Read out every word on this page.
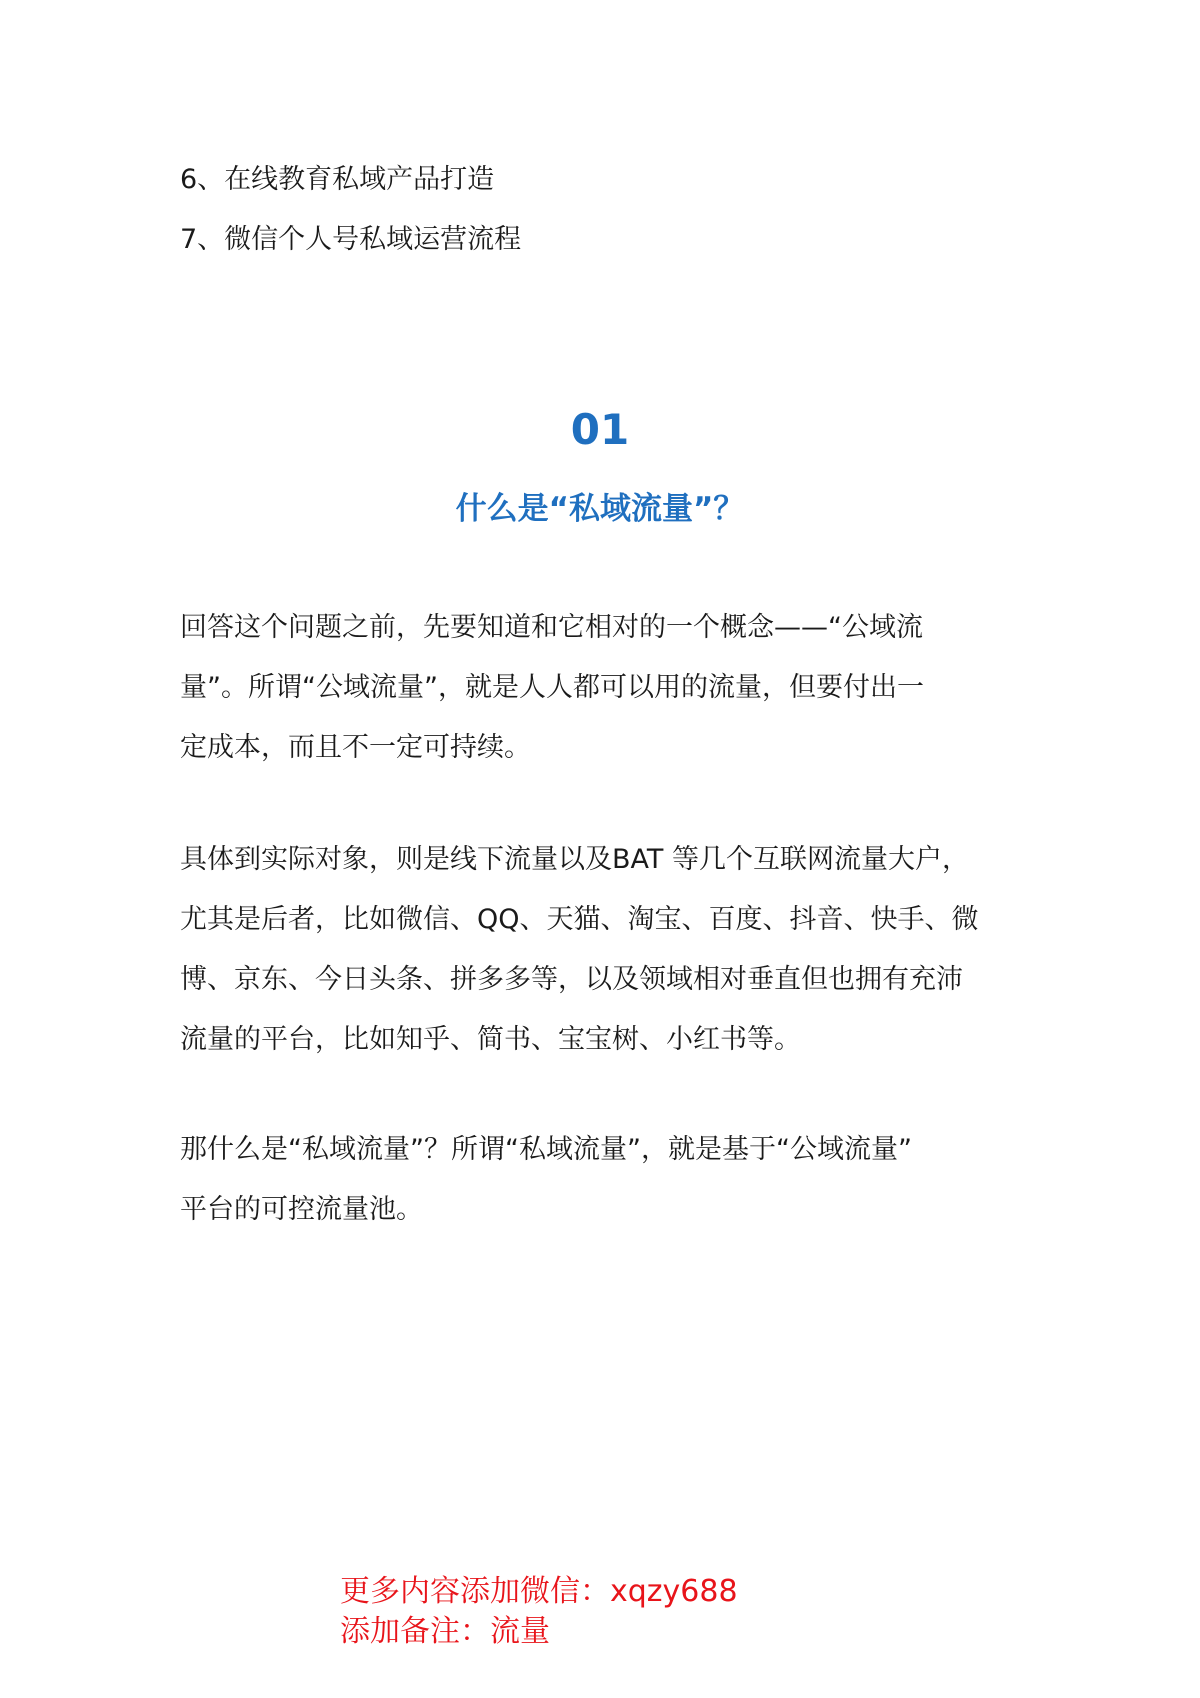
6、在线教育私域产品打造
7、微信个人号私域运营流程
01
什么是“私域流量”？
回答这个问题之前，先要知道和它相对的一个概念——“公域流
量”。所谓“公域流量”，就是人人都可以用的流量，但要付出一
定成本，而且不一定可持续。
具体到实际对象，则是线下流量以及BAT 等几个互联网流量大户，
尤其是后者，比如微信、QQ、天猫、淘宝、百度、抖音、快手、微
博、京东、今日头条、拼多多等，以及领域相对垂直但也拥有充沛
流量的平台，比如知乎、简书、宝宝树、小红书等。
那什么是“私域流量”？所谓“私域流量”，就是基于“公域流量”
平台的可控流量池。
更多内容添加微信：xqzy688
添加备注：流量
